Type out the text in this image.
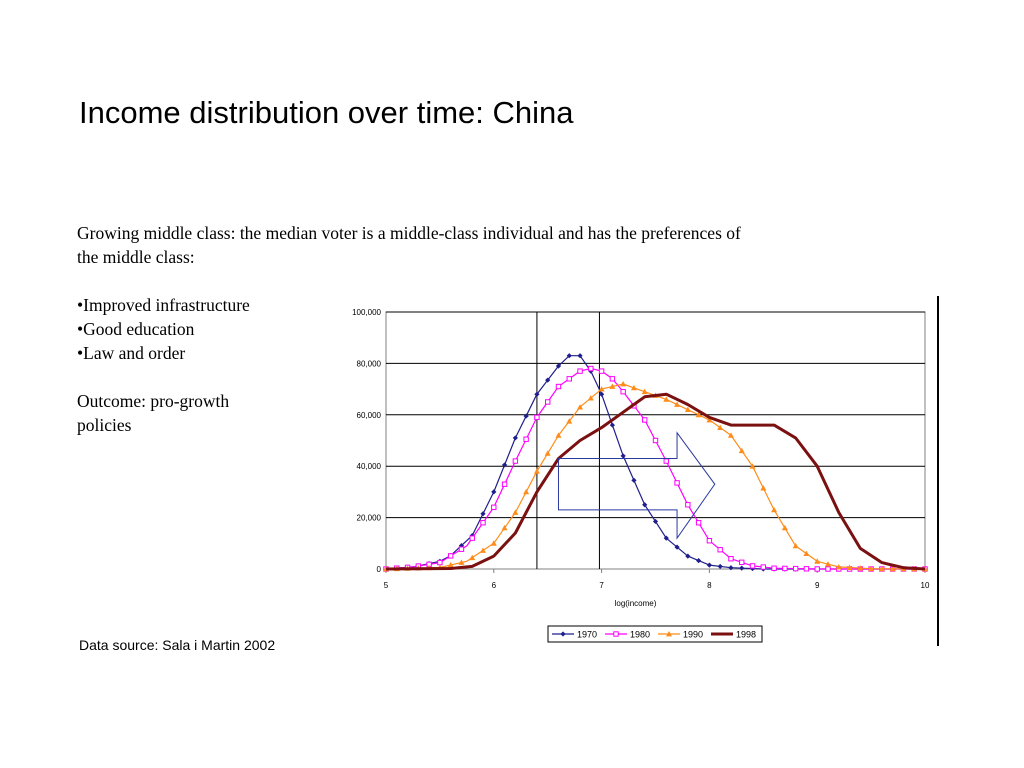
Income distribution over time: China

Growing middle class: the median voter is a middle-class individual and has the preferences of the middle class:

•Improved infrastructure
•Good education
•Law and order

Outcome: pro-growth policies

Data source: Sala i Martin 2002
0
20,000
40,000
60,000
80,000
100,000
5	6	7	8	9	10
log(income)
1970	1980	1990	1998
